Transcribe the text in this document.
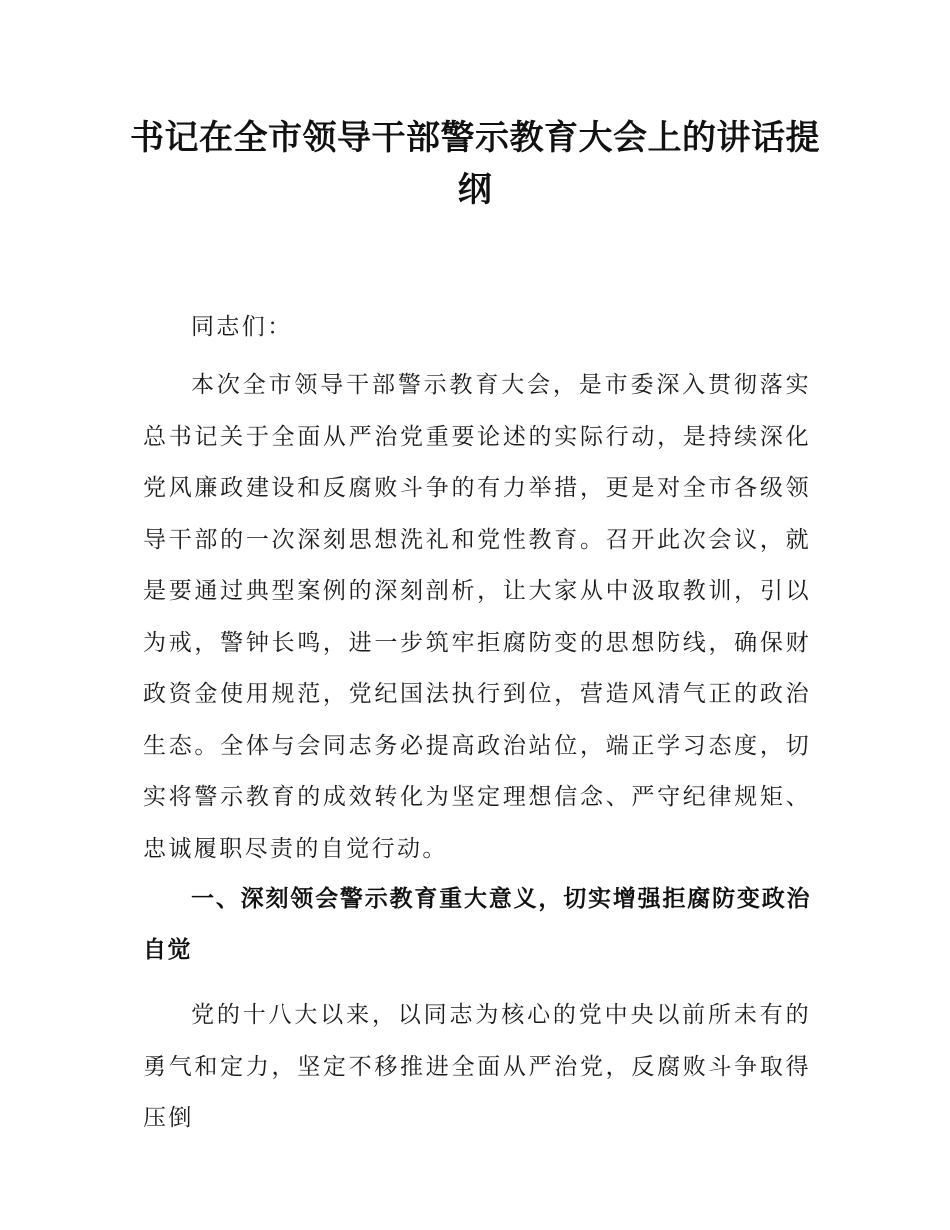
书记在全市领导干部警示教育大会上的讲话提纲

同志们：

本次全市领导干部警示教育大会，是市委深入贯彻落实总书记关于全面从严治党重要论述的实际行动，是持续深化党风廉政建设和反腐败斗争的有力举措，更是对全市各级领导干部的一次深刻思想洗礼和党性教育。召开此次会议，就是要通过典型案例的深刻剖析，让大家从中汲取教训，引以为戒，警钟长鸣，进一步筑牢拒腐防变的思想防线，确保财政资金使用规范，党纪国法执行到位，营造风清气正的政治生态。全体与会同志务必提高政治站位，端正学习态度，切实将警示教育的成效转化为坚定理想信念、严守纪律规矩、忠诚履职尽责的自觉行动。

一、深刻领会警示教育重大意义，切实增强拒腐防变政治自觉

党的十八大以来，以同志为核心的党中央以前所未有的勇气和定力，坚定不移推进全面从严治党，反腐败斗争取得压倒
